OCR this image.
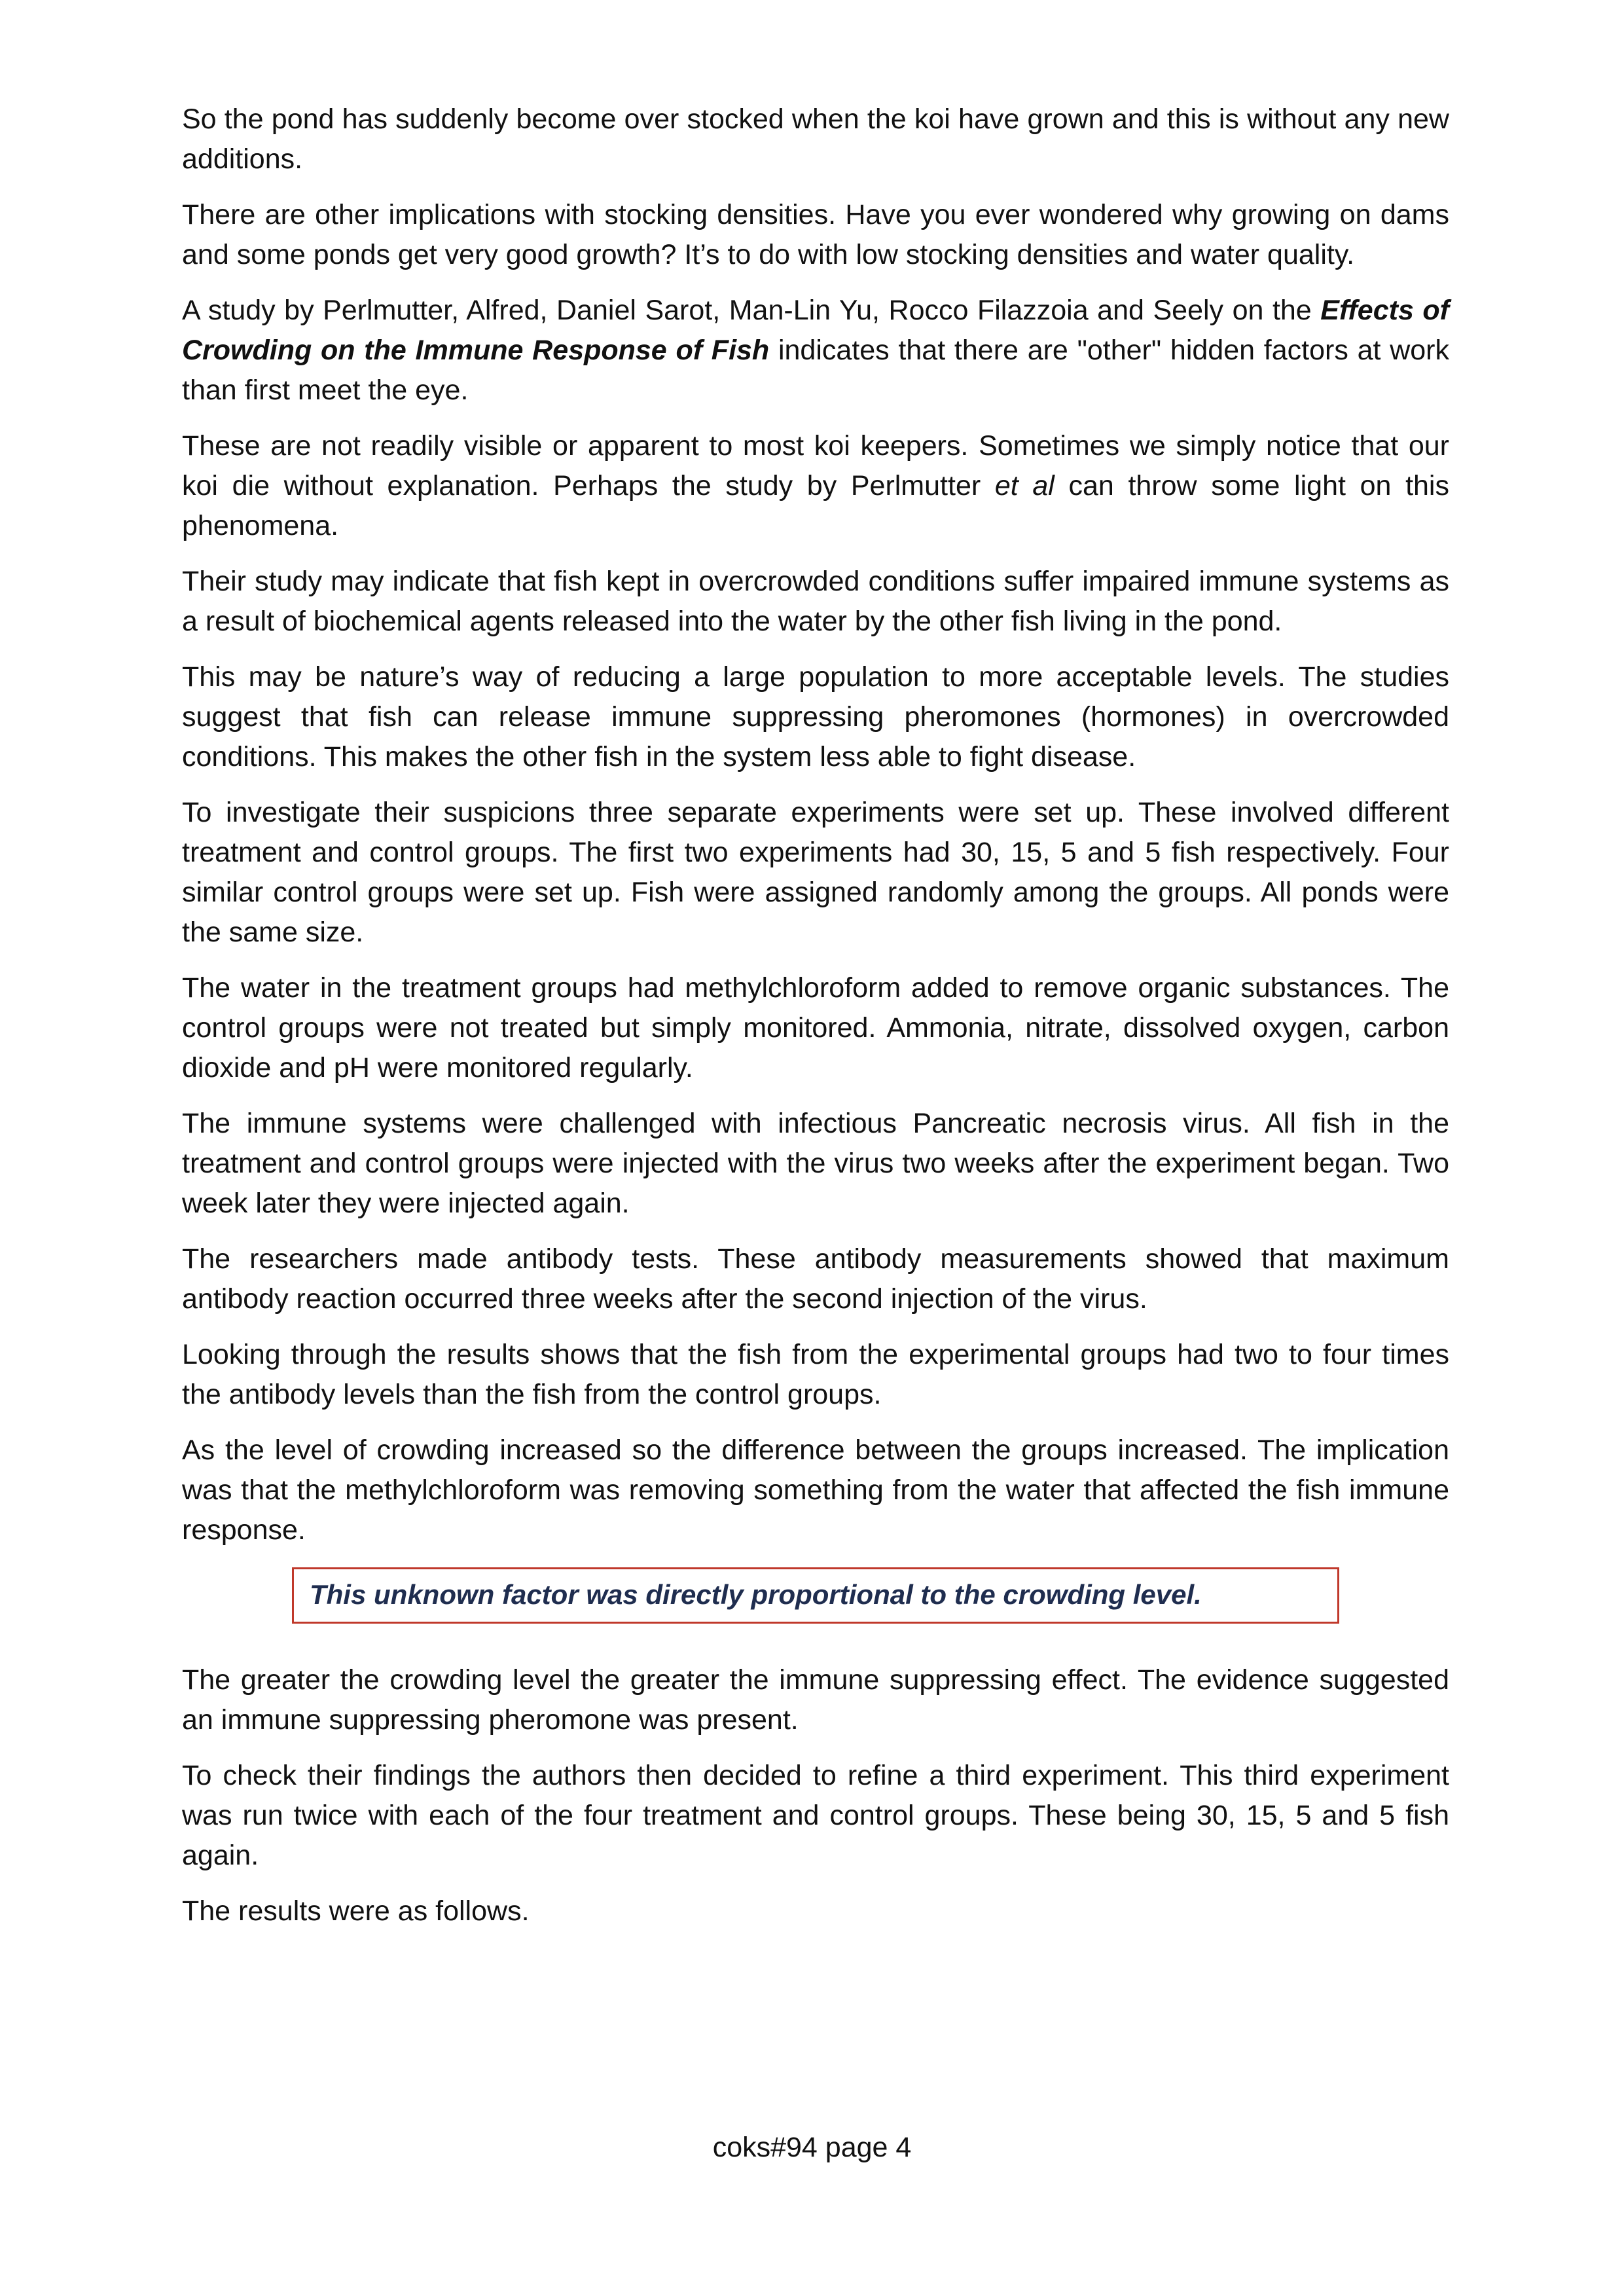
So the pond has suddenly become over stocked when the koi have grown and this is without any new additions.

There are other implications with stocking densities. Have you ever wondered why growing on dams and some ponds get very good growth? It’s to do with low stocking densities and water quality.

A study by Perlmutter, Alfred, Daniel Sarot, Man-Lin Yu, Rocco Filazzoia and Seely on the Effects of Crowding on the Immune Response of Fish indicates that there are "other" hidden factors at work than first meet the eye.

These are not readily visible or apparent to most koi keepers. Sometimes we simply notice that our koi die without explanation. Perhaps the study by Perlmutter et al can throw some light on this phenomena.

Their study may indicate that fish kept in overcrowded conditions suffer impaired immune systems as a result of biochemical agents released into the water by the other fish living in the pond.

This may be nature’s way of reducing a large population to more acceptable levels. The studies suggest that fish can release immune suppressing pheromones (hormones) in overcrowded conditions. This makes the other fish in the system less able to fight disease.

To investigate their suspicions three separate experiments were set up. These involved different treatment and control groups. The first two experiments had 30, 15, 5 and 5 fish respectively. Four similar control groups were set up. Fish were assigned randomly among the groups. All ponds were the same size.

The water in the treatment groups had methylchloroform added to remove organic substances. The control groups were not treated but simply monitored. Ammonia, nitrate, dissolved oxygen, carbon dioxide and pH were monitored regularly.

The immune systems were challenged with infectious Pancreatic necrosis virus. All fish in the treatment and control groups were injected with the virus two weeks after the experiment began. Two week later they were injected again.

The researchers made antibody tests. These antibody measurements showed that maximum antibody reaction occurred three weeks after the second injection of the virus.

Looking through the results shows that the fish from the experimental groups had two to four times the antibody levels than the fish from the control groups.

As the level of crowding increased so the difference between the groups increased. The implication was that the methylchloroform was removing something from the water that affected the fish immune response.

This unknown factor was directly proportional to the crowding level.

The greater the crowding level the greater the immune suppressing effect. The evidence suggested an immune suppressing pheromone was present.

To check their findings the authors then decided to refine a third experiment. This third experiment was run twice with each of the four treatment and control groups. These being 30, 15, 5 and 5 fish again.

The results were as follows.

coks#94 page 4
